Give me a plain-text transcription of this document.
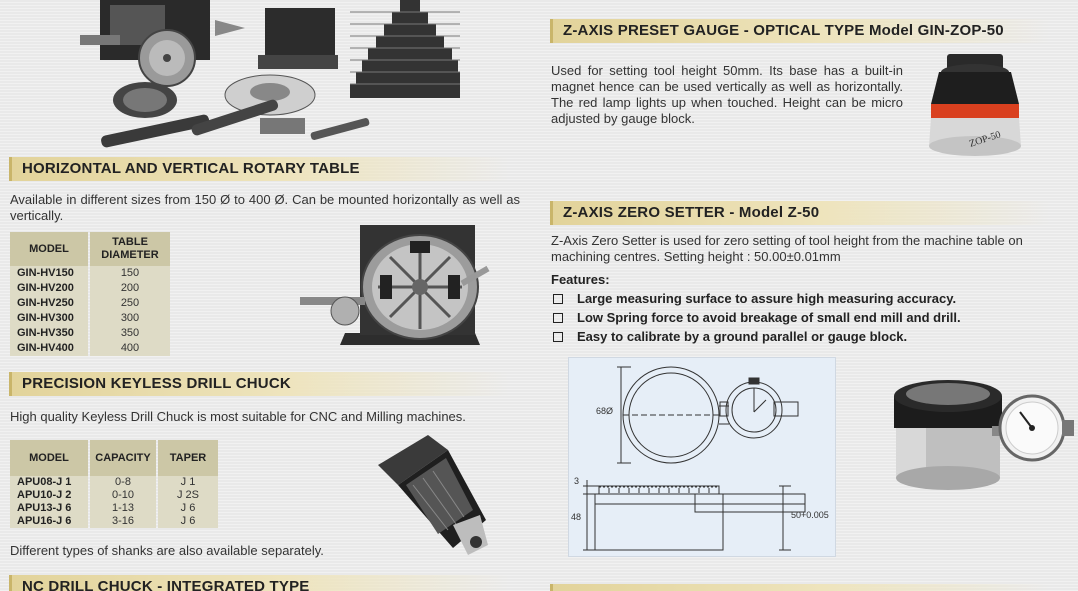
HORIZONTAL AND VERTICAL ROTARY TABLE
Available in different sizes from 150 Ø to 400 Ø. Can be mounted horizontally as well as vertically.
MODEL	TABLE DIAMETER
GIN-HV150	150
GIN-HV200	200
GIN-HV250	250
GIN-HV300	300
GIN-HV350	350
GIN-HV400	400
PRECISION KEYLESS DRILL CHUCK
High quality Keyless Drill Chuck is most suitable for CNC and Milling machines.
MODEL	CAPACITY	TAPER
APU08-J 1	0-8	J 1
APU10-J 2	0-10	J 2S
APU13-J 6	1-13	J 6
APU16-J 6	3-16	J 6
Different types of shanks are also available separately.
NC DRILL CHUCK - INTEGRATED TYPE
Z-AXIS PRESET GAUGE - OPTICAL TYPE Model GIN-ZOP-50
Used for setting tool height 50mm. Its base has a built-in magnet hence can be used vertically as well as horizontally. The red lamp lights up when touched. Height can be micro adjusted by gauge block.
ZOP-50
Z-AXIS ZERO SETTER - Model Z-50
Z-Axis Zero Setter is used for zero setting of tool height from the machine table on machining centres. Setting height : 50.00±0.01mm
Features:
Large measuring surface to assure high measuring accuracy.
Low Spring force to avoid breakage of small end mill and drill.
Easy to calibrate by a ground parallel or gauge block.
68Ø
3
48	50+0.005
